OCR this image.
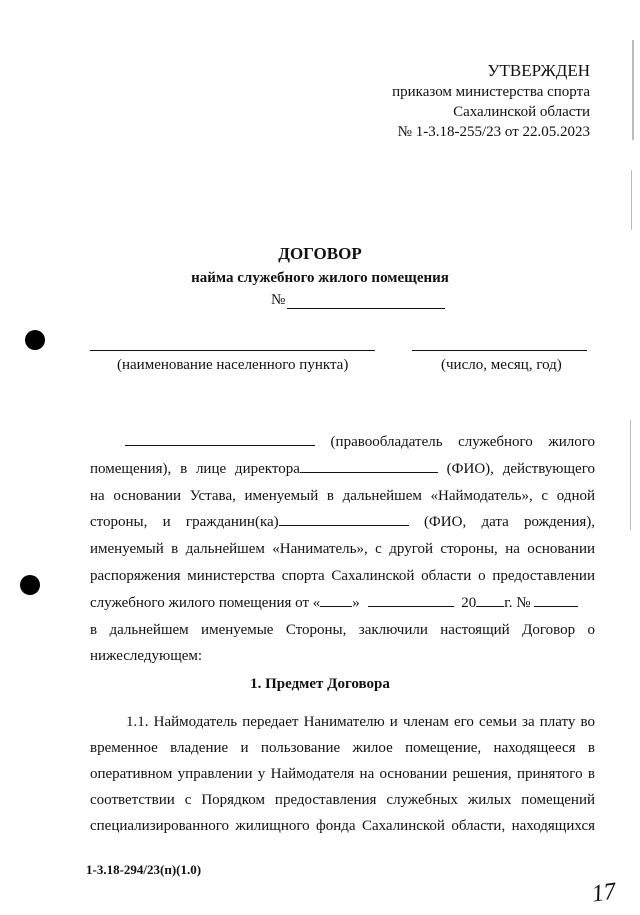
УТВЕРЖДЕН
приказом министерства спорта
Сахалинской области
№ 1-3.18-255/23 от 22.05.2023
ДОГОВОР
найма служебного жилого помещения
№
(наименование населенного пункта)	(число, месяц, год)
(правообладатель служебного жилого
помещения), в лице директора	(ФИО), действующего
на основании Устава, именуемый в дальнейшем «Наймодатель», с одной
стороны, и гражданин(ка)	(ФИО, дата рождения),
именуемый в дальнейшем «Наниматель», с другой стороны, на основании
распоряжения министерства спорта Сахалинской области о предоставлении
служебного жилого помещения от « »	20 г. №
в дальнейшем именуемые Стороны, заключили настоящий Договор о
нижеследующем:
1. Предмет Договора
1.1. Наймодатель передает Нанимателю и членам его семьи за плату во
временное владение и пользование жилое помещение, находящееся в
оперативном управлении у Наймодателя на основании решения, принятого в
соответствии с Порядком предоставления служебных жилых помещений
специализированного жилищного фонда Сахалинской области, находящихся
1-3.18-294/23(п)(1.0)
17
